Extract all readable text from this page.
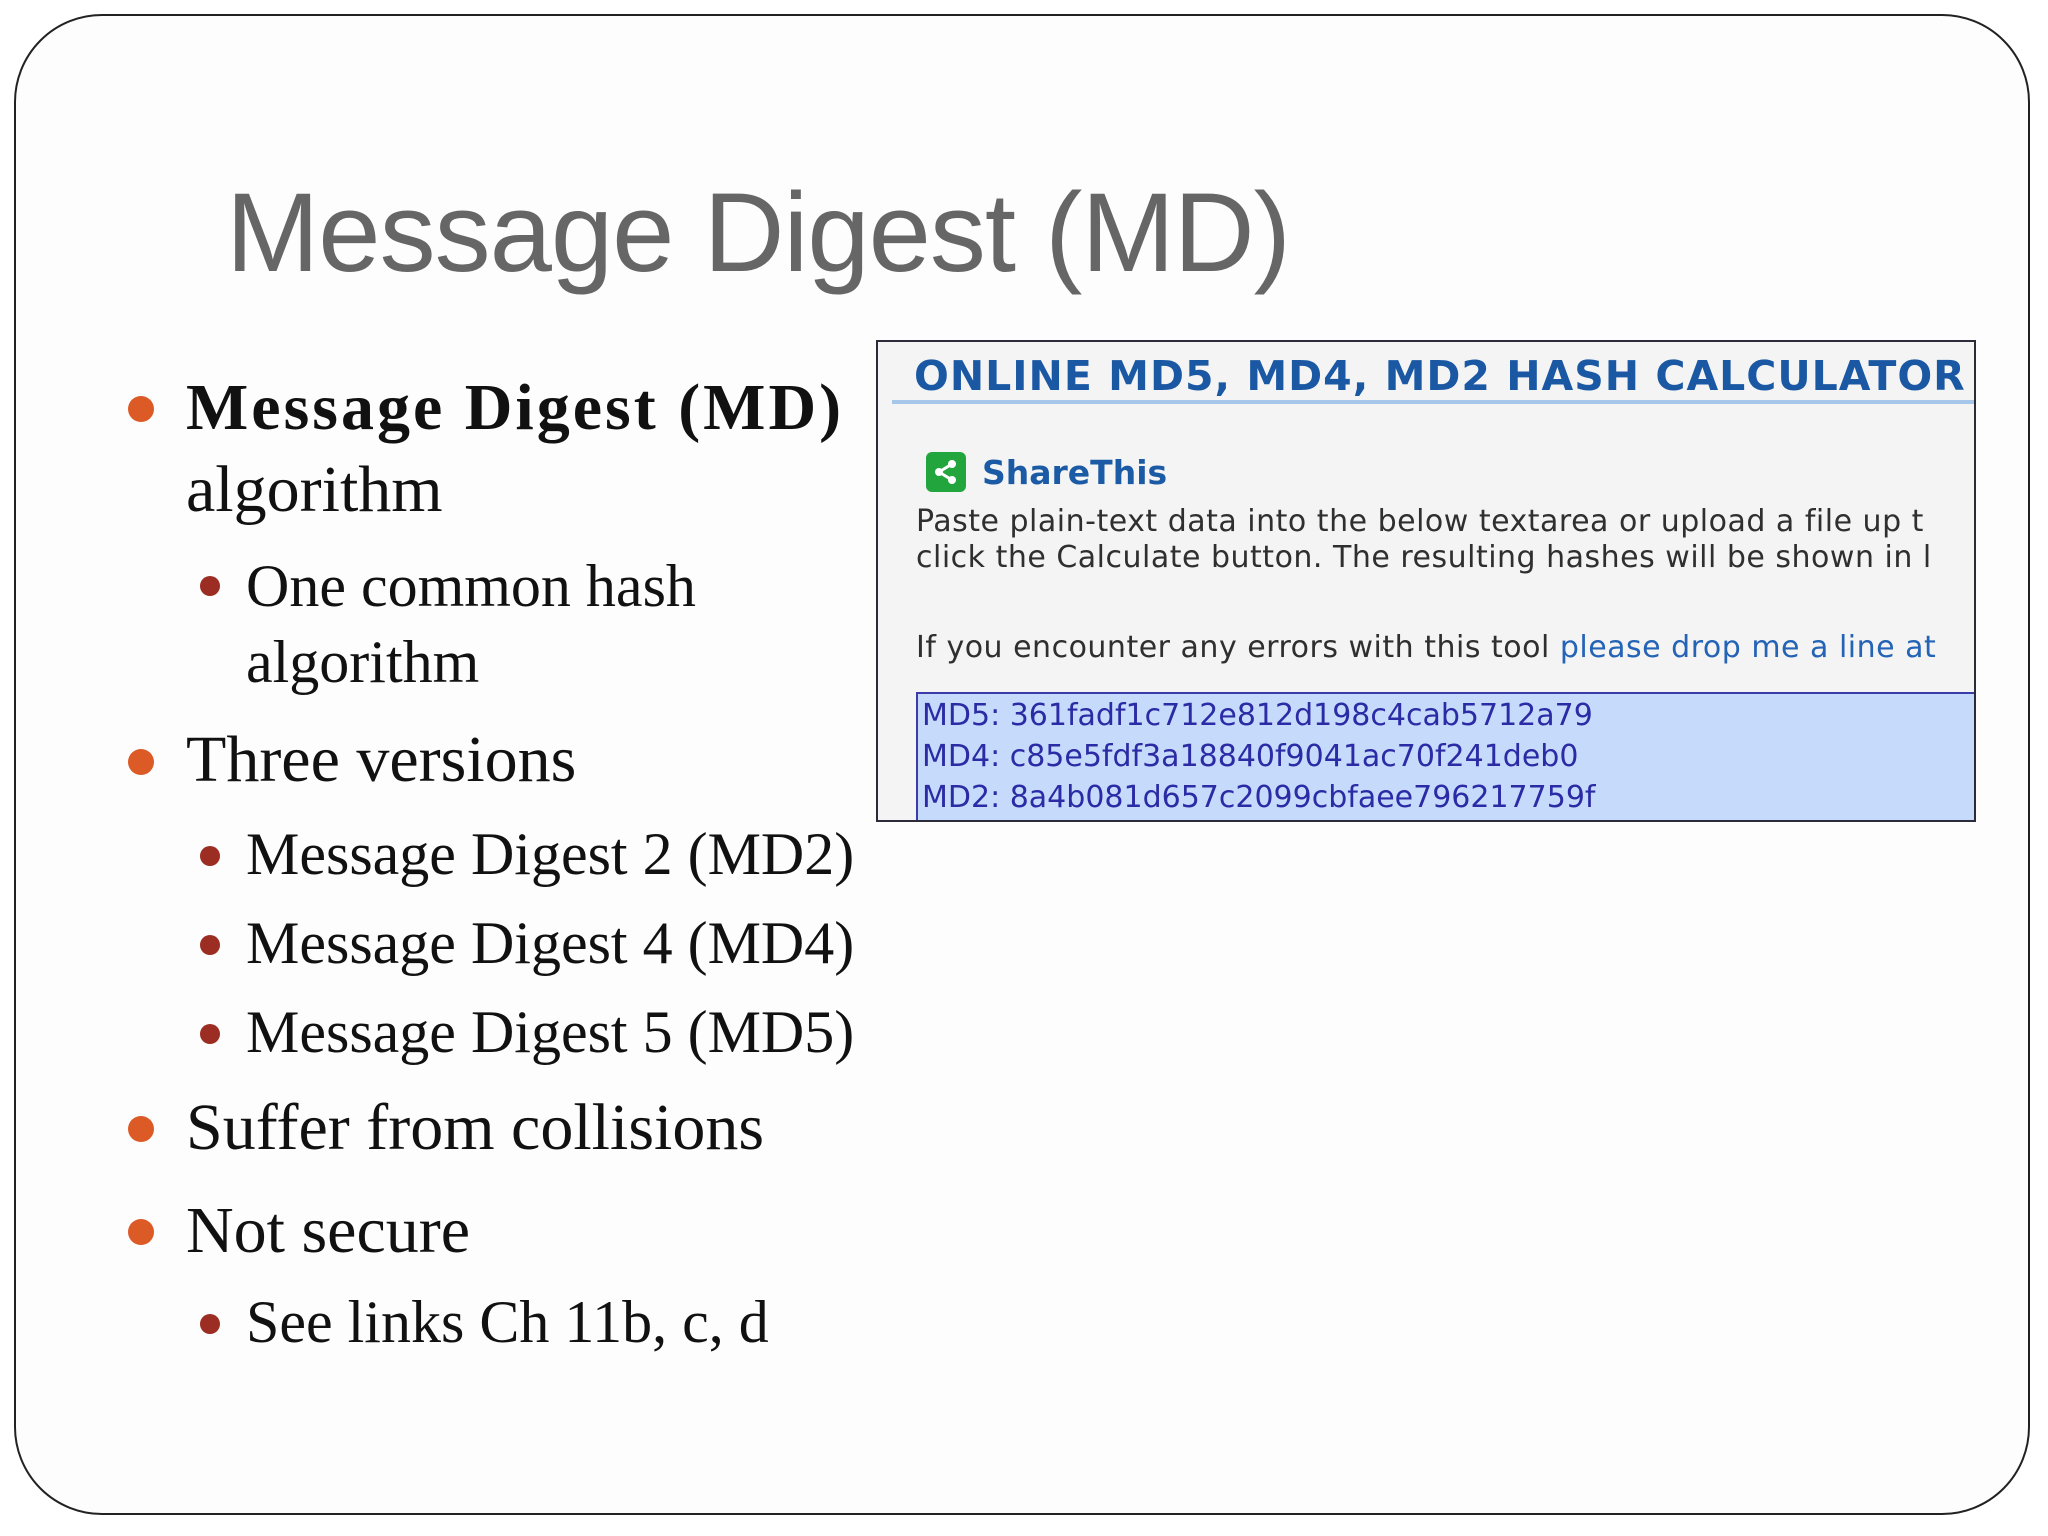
Message Digest (MD)
Message Digest (MD)
algorithm
One common hash
algorithm
Three versions
Message Digest 2 (MD2)
Message Digest 4 (MD4)
Message Digest 5 (MD5)
Suffer from collisions
Not secure
See links Ch 11b, c, d
ONLINE MD5, MD4, MD2 HASH CALCULATOR
ShareThis
Paste plain-text data into the below textarea or upload a file up t
click the Calculate button. The resulting hashes will be shown in l
If you encounter any errors with this tool please drop me a line at
MD5: 361fadf1c712e812d198c4cab5712a79
MD4: c85e5fdf3a18840f9041ac70f241deb0
MD2: 8a4b081d657c2099cbfaee796217759f
